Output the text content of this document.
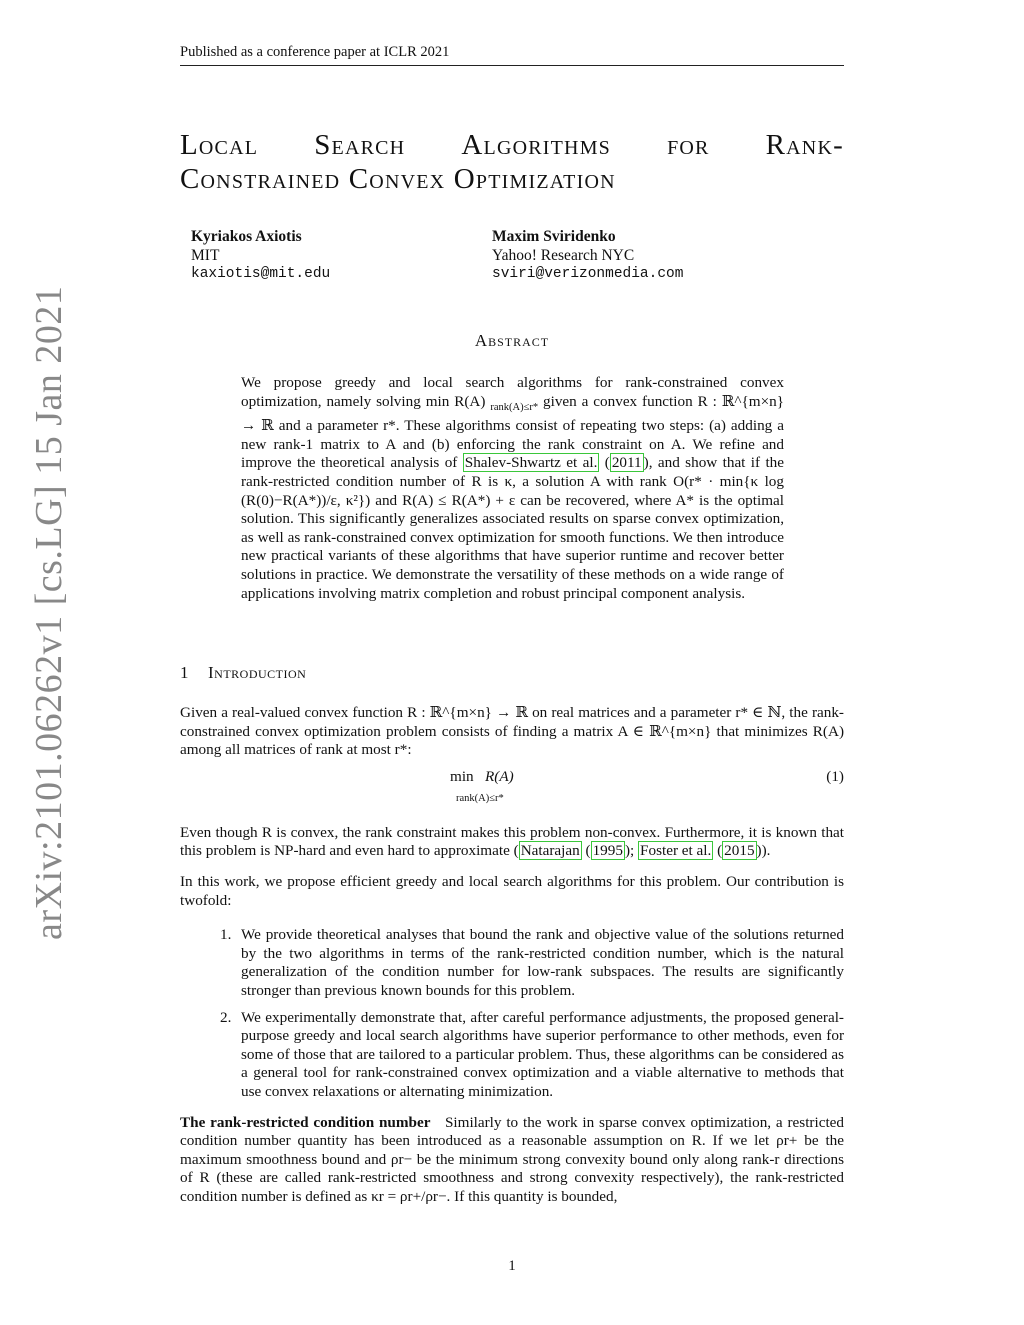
Published as a conference paper at ICLR 2021
arXiv:2101.06262v1 [cs.LG] 15 Jan 2021
Local Search Algorithms for Rank-
Constrained Convex Optimization
Kyriakos Axiotis
MIT
kaxiotis@mit.edu
Maxim Sviridenko
Yahoo! Research NYC
sviri@verizonmedia.com
Abstract

We propose greedy and local search algorithms for rank-constrained convex optimization, namely solving min R(A) $_{rank(A)\le r*}$ given a convex function R : ℝ^{m×n} → ℝ and a parameter r*. These algorithms consist of repeating two steps: (a) adding a new rank-1 matrix to A and (b) enforcing the rank constraint on A. We refine and improve the theoretical analysis of Shalev-Shwartz et al. ( 2011 ), and show that if the rank-restricted condition number of R is κ, a solution A with rank O(r* · min{κ log (R(0)−R(A*))/ε, κ²}) and R(A) ≤ R(A*) + ε can be recovered, where A* is the optimal solution. This significantly generalizes associated results on sparse convex optimization, as well as rank-constrained convex optimization for smooth functions. We then introduce new practical variants of these algorithms that have superior runtime and recover better solutions in practice. We demonstrate the versatility of these methods on a wide range of applications involving matrix completion and robust principal component analysis.

1 Introduction

Given a real-valued convex function R : ℝ^{m×n} → ℝ on real matrices and a parameter r* ∈ ℕ, the rank-constrained convex optimization problem consists of finding a matrix A ∈ ℝ^{m×n} that minimizes R(A) among all matrices of rank at most r*:

min R(A)
rank(A)≤r*
(1)

Even though R is convex, the rank constraint makes this problem non-convex. Furthermore, it is known that this problem is NP-hard and even hard to approximate ( Natarajan ( 1995 ); Foster et al. ( 2015 )).

In this work, we propose efficient greedy and local search algorithms for this problem. Our contribution is twofold:

1. We provide theoretical analyses that bound the rank and objective value of the solutions returned by the two algorithms in terms of the rank-restricted condition number, which is the natural generalization of the condition number for low-rank subspaces. The results are significantly stronger than previous known bounds for this problem.
2. We experimentally demonstrate that, after careful performance adjustments, the proposed general-purpose greedy and local search algorithms have superior performance to other methods, even for some of those that are tailored to a particular problem. Thus, these algorithms can be considered as a general tool for rank-constrained convex optimization and a viable alternative to methods that use convex relaxations or alternating minimization.

The rank-restricted condition number Similarly to the work in sparse convex optimization, a restricted condition number quantity has been introduced as a reasonable assumption on R. If we let ρr+ be the maximum smoothness bound and ρr− be the minimum strong convexity bound only along rank-r directions of R (these are called rank-restricted smoothness and strong convexity respectively), the rank-restricted condition number is defined as κr = ρr+/ρr−. If this quantity is bounded,

1
